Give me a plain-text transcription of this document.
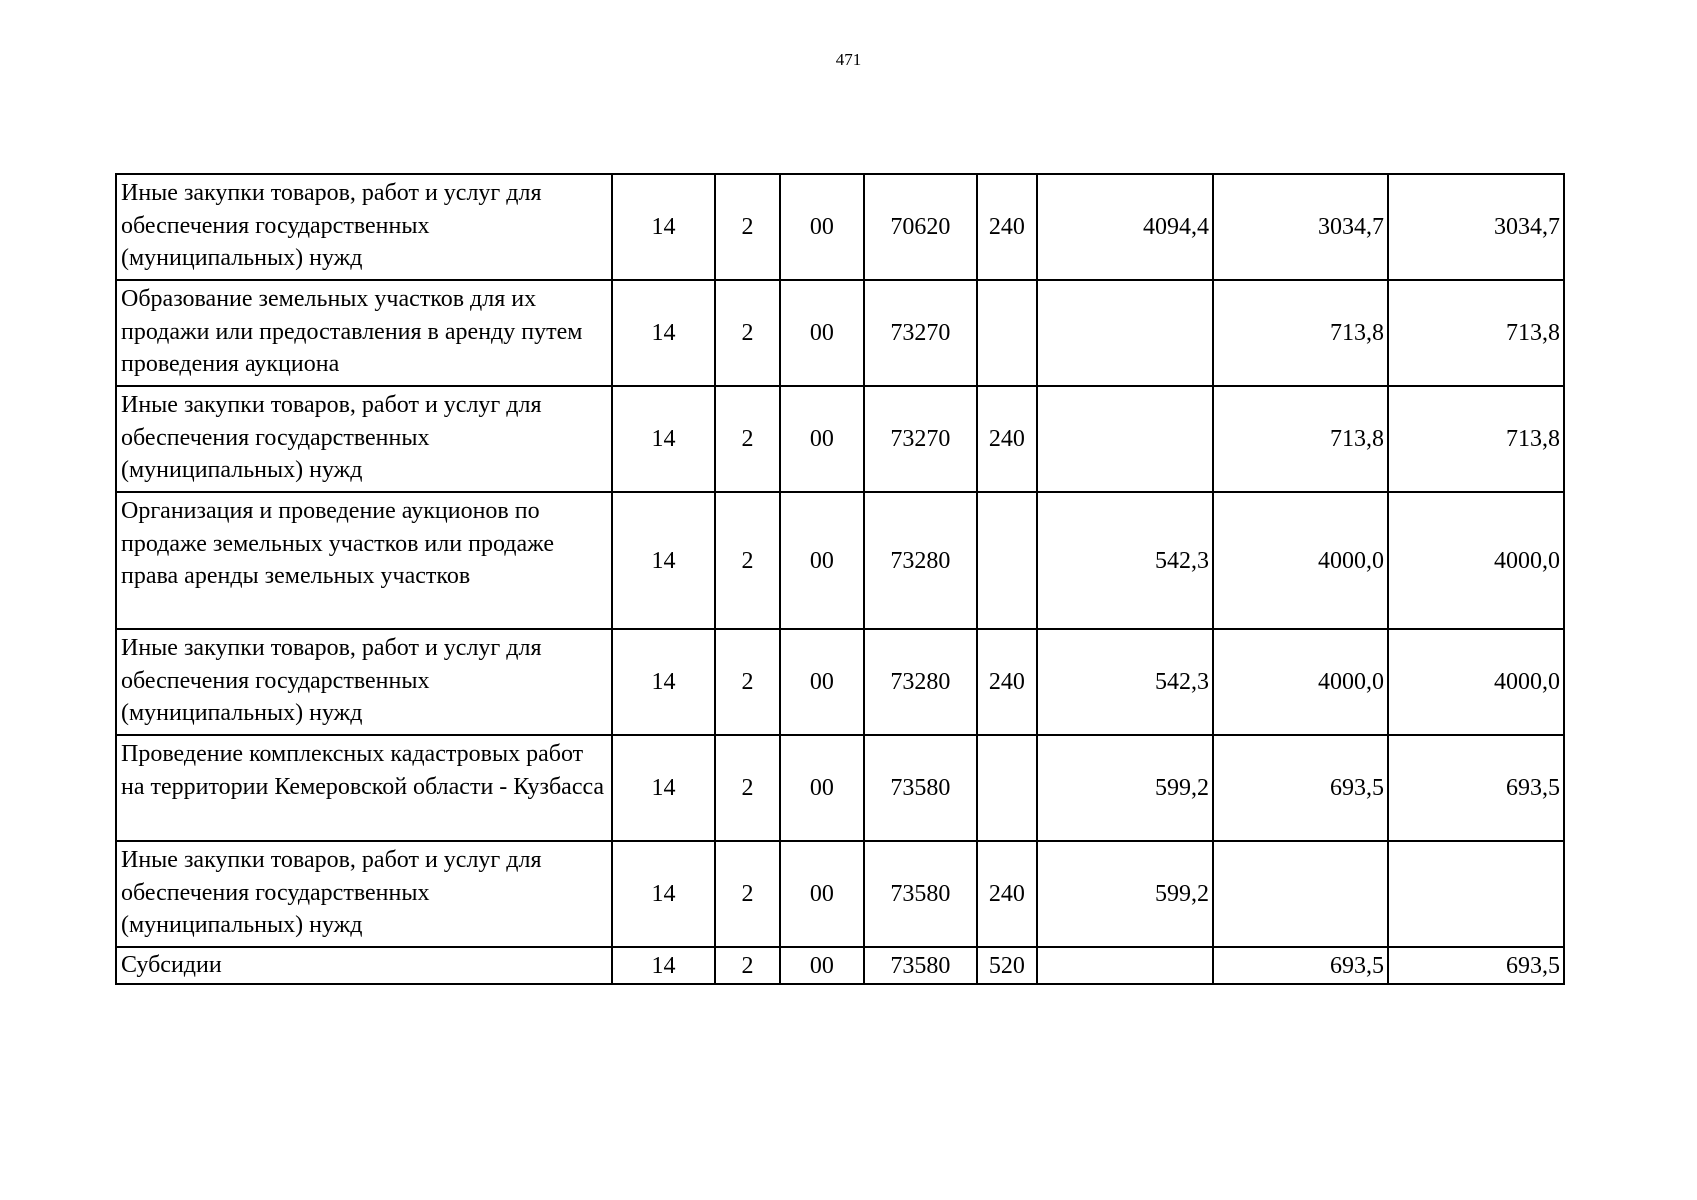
471
Иные закупки товаров, работ и услуг для обеспечения государственных (муниципальных) нужд	14	2	00	70620	240	4094,4	3034,7	3034,7
Образование земельных участков для их продажи или предоставления в аренду путем проведения аукциона	14	2	00	73270			713,8	713,8
Иные закупки товаров, работ и услуг для обеспечения государственных (муниципальных) нужд	14	2	00	73270	240		713,8	713,8
Организация и проведение аукционов по продаже земельных участков или продаже права аренды земельных участков	14	2	00	73280		542,3	4000,0	4000,0
Иные закупки товаров, работ и услуг для обеспечения государственных (муниципальных) нужд	14	2	00	73280	240	542,3	4000,0	4000,0
Проведение комплексных кадастровых работ на территории Кемеровской области - Кузбасса	14	2	00	73580		599,2	693,5	693,5
Иные закупки товаров, работ и услуг для обеспечения государственных (муниципальных) нужд	14	2	00	73580	240	599,2		
Субсидии	14	2	00	73580	520		693,5	693,5
